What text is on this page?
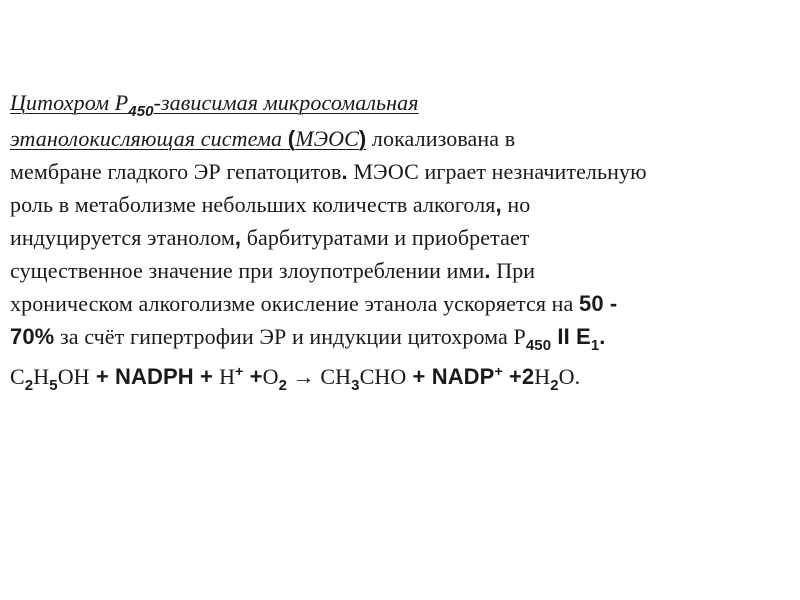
Цитохром $Р_{450}$-зависимая микросомальная
этанолокисляющая система (МЭОС) локализована в
мембране гладкого ЭР гепатоцитов. МЭОС играет незначительную
роль в метаболизме небольших количеств алкоголя, но
индуцируется этанолом, барбитуратами и приобретает
существенное значение при злоупотреблении ими. При
хроническом алкоголизме окисление этанола ускоряется на 50 -
70% за счёт гипертрофии ЭР и индукции цитохрома $Р_{450}$ II $E_1$.
$С_2Н_5OH$ + NADPH + $Н^+ +О_2 \to СН_3СНО$ + NADP+ $+2Н_2О$.
